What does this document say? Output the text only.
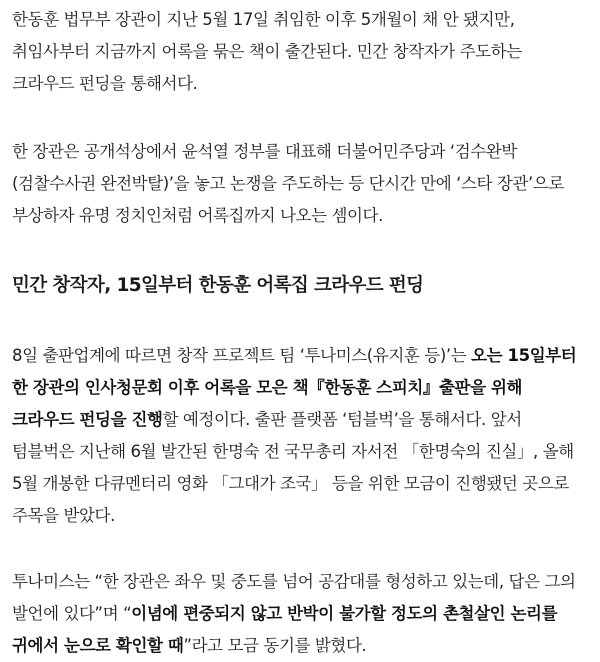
한동훈 법무부 장관이 지난 5월 17일 취임한 이후 5개월이 채 안 됐지만,
취임사부터 지금까지 어록을 묶은 책이 출간된다. 민간 창작자가 주도하는
크라우드 펀딩을 통해서다.

한 장관은 공개석상에서 윤석열 정부를 대표해 더불어민주당과 ‘검수완박
(검찰수사권 완전박탈)’을 놓고 논쟁을 주도하는 등 단시간 만에 ‘스타 장관’으로
부상하자 유명 정치인처럼 어록집까지 나오는 셈이다.

민간 창작자, 15일부터 한동훈 어록집 크라우드 펀딩

8일 출판업계에 따르면 창작 프로젝트 팀 ‘투나미스(유지훈 등)’는 오는 15일부터
한 장관의 인사청문회 이후 어록을 모은 책『한동훈 스피치』출판을 위해
크라우드 펀딩을 진행할 예정이다. 출판 플랫폼 ‘텀블벅’을 통해서다. 앞서
텀블벅은 지난해 6월 발간된 한명숙 전 국무총리 자서전 「한명숙의 진실」, 올해
5월 개봉한 다큐멘터리 영화 「그대가 조국」 등을 위한 모금이 진행됐던 곳으로
주목을 받았다.

투나미스는 “한 장관은 좌우 및 중도를 넘어 공감대를 형성하고 있는데, 답은 그의
발언에 있다”며 “이념에 편중되지 않고 반박이 불가할 정도의 촌철살인 논리를
귀에서 눈으로 확인할 때”라고 모금 동기를 밝혔다.
